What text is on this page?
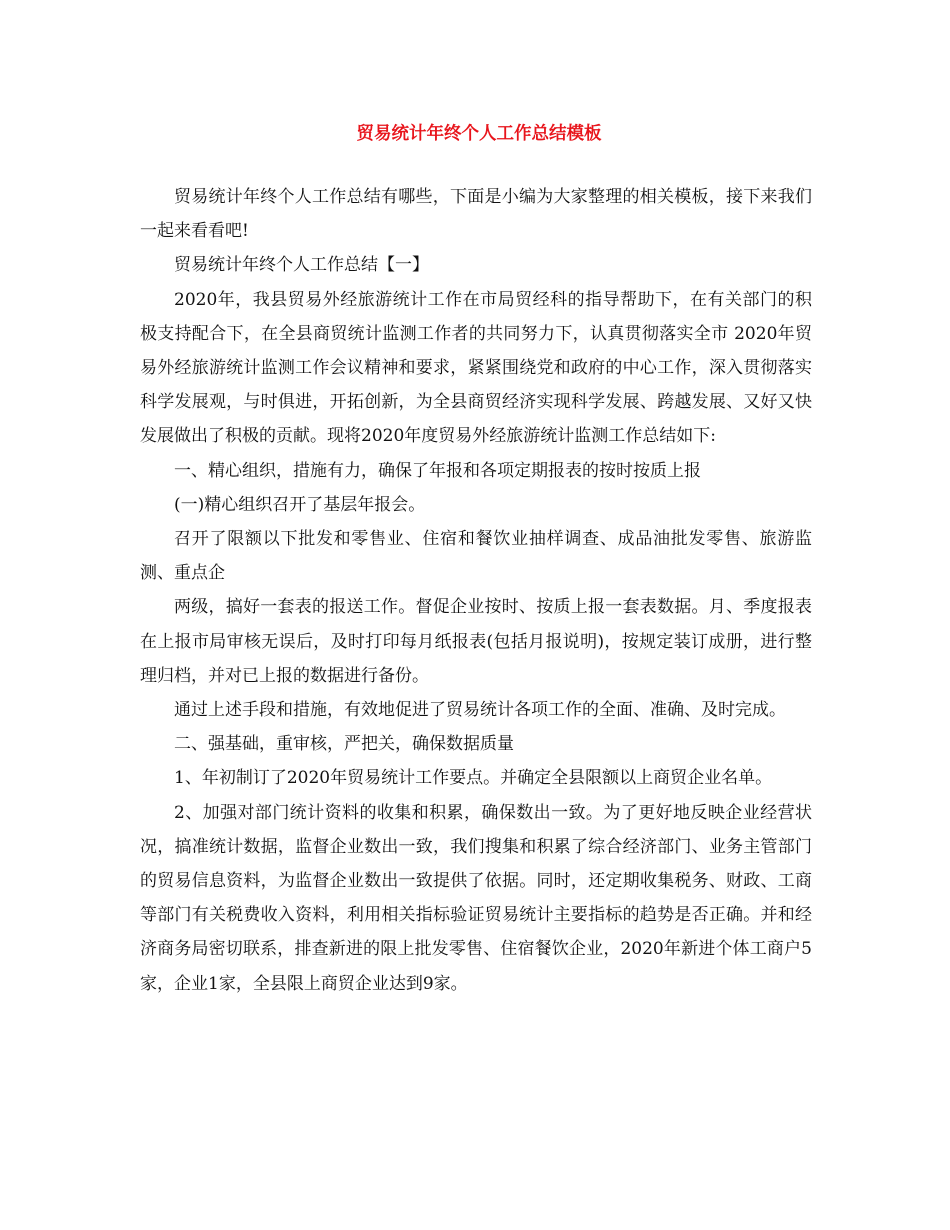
贸易统计年终个人工作总结模板

贸易统计年终个人工作总结有哪些，下面是小编为大家整理的相关模板，接下来我们一起来看看吧!

贸易统计年终个人工作总结【一】

2020年，我县贸易外经旅游统计工作在市局贸经科的指导帮助下，在有关部门的积极支持配合下，在全县商贸统计监测工作者的共同努力下，认真贯彻落实全市 2020年贸易外经旅游统计监测工作会议精神和要求，紧紧围绕党和政府的中心工作，深入贯彻落实科学发展观，与时俱进，开拓创新，为全县商贸经济实现科学发展、跨越发展、又好又快发展做出了积极的贡献。现将2020年度贸易外经旅游统计监测工作总结如下:

一、精心组织，措施有力，确保了年报和各项定期报表的按时按质上报

(一)精心组织召开了基层年报会。

召开了限额以下批发和零售业、住宿和餐饮业抽样调查、成品油批发零售、旅游监测、重点企

两级，搞好一套表的报送工作。督促企业按时、按质上报一套表数据。月、季度报表在上报市局审核无误后，及时打印每月纸报表(包括月报说明)，按规定装订成册，进行整理归档，并对已上报的数据进行备份。

通过上述手段和措施，有效地促进了贸易统计各项工作的全面、准确、及时完成。

二、强基础，重审核，严把关，确保数据质量

1、年初制订了2020年贸易统计工作要点。并确定全县限额以上商贸企业名单。

2、加强对部门统计资料的收集和积累，确保数出一致。为了更好地反映企业经营状况，搞准统计数据，监督企业数出一致，我们搜集和积累了综合经济部门、业务主管部门的贸易信息资料，为监督企业数出一致提供了依据。同时，还定期收集税务、财政、工商等部门有关税费收入资料，利用相关指标验证贸易统计主要指标的趋势是否正确。并和经济商务局密切联系，排查新进的限上批发零售、住宿餐饮企业，2020年新进个体工商户5家，企业1家，全县限上商贸企业达到9家。
